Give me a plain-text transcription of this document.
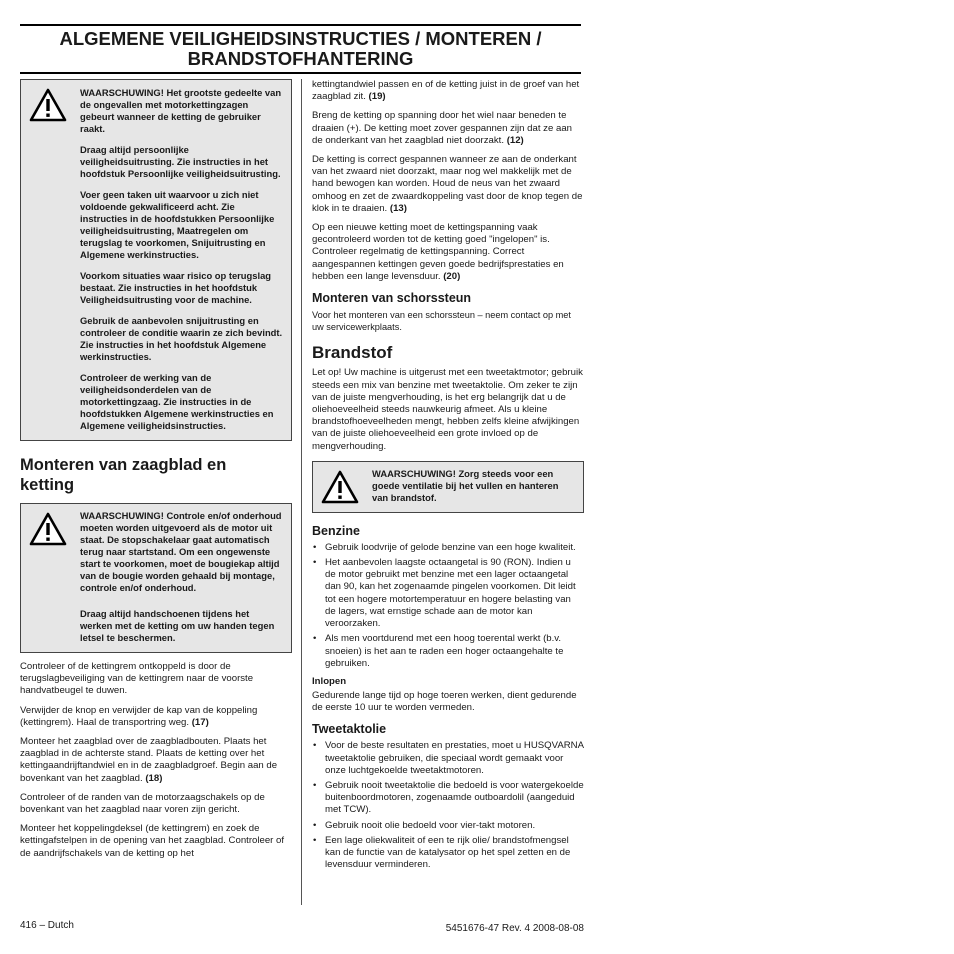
ALGEMENE VEILIGHEIDSINSTRUCTIES / MONTEREN /
BRANDSTOFHANTERING

WAARSCHUWING! Het grootste gedeelte van de ongevallen met motorkettingzagen gebeurt wanneer de ketting de gebruiker raakt.

Draag altijd persoonlijke veiligheidsuitrusting. Zie instructies in het hoofdstuk Persoonlijke veiligheidsuitrusting.

Voer geen taken uit waarvoor u zich niet voldoende gekwalificeerd acht. Zie instructies in de hoofdstukken Persoonlijke veiligheidsuitrusting, Maatregelen om terugslag te voorkomen, Snijuitrusting en Algemene werkinstructies.

Voorkom situaties waar risico op terugslag bestaat. Zie instructies in het hoofdstuk Veiligheidsuitrusting voor de machine.

Gebruik de aanbevolen snijuitrusting en controleer de conditie waarin ze zich bevindt. Zie instructies in het hoofdstuk Algemene werkinstructies.

Controleer de werking van de veiligheidsonderdelen van de motorkettingzaag. Zie instructies in de hoofdstukken Algemene werkinstructies en Algemene veiligheidsinstructies.

Monteren van zaagblad en ketting

WAARSCHUWING! Controle en/of onderhoud moeten worden uitgevoerd als de motor uit staat. De stopschakelaar gaat automatisch terug naar startstand. Om een ongewenste start te voorkomen, moet de bougiekap altijd van de bougie worden gehaald bij montage, controle en/of onderhoud.

Draag altijd handschoenen tijdens het werken met de ketting om uw handen tegen letsel te beschermen.

Controleer of de kettingrem ontkoppeld is door de terugslagbeveiliging van de kettingrem naar de voorste handvatbeugel te duwen.

Verwijder de knop en verwijder de kap van de koppeling (kettingrem). Haal de transportring weg. (17)

Monteer het zaagblad over de zaagbladbouten. Plaats het zaagblad in de achterste stand. Plaats de ketting over het kettingaandrijftandwiel en in de zaagbladgroef. Begin aan de bovenkant van het zaagblad. (18)

Controleer of de randen van de motorzaagschakels op de bovenkant van het zaagblad naar voren zijn gericht.

Monteer het koppelingdeksel (de kettingrem) en zoek de kettingafstelpen in de opening van het zaagblad. Controleer of de aandrijfschakels van de ketting op het

kettingtandwiel passen en of de ketting juist in de groef van het zaagblad zit. (19)

Breng de ketting op spanning door het wiel naar beneden te draaien (+). De ketting moet zover gespannen zijn dat ze aan de onderkant van het zaagblad niet doorzakt. (12)

De ketting is correct gespannen wanneer ze aan de onderkant van het zwaard niet doorzakt, maar nog wel makkelijk met de hand bewogen kan worden. Houd de neus van het zwaard omhoog en zet de zwaardkoppeling vast door de knop tegen de klok in te draaien. (13)

Op een nieuwe ketting moet de kettingspanning vaak gecontroleerd worden tot de ketting goed "ingelopen" is. Controleer regelmatig de kettingspanning. Correct aangespannen kettingen geven goede bedrijfsprestaties en hebben een lange levensduur. (20)

Monteren van schorssteun

Voor het monteren van een schorssteun – neem contact op met uw servicewerkplaats.

Brandstof

Let op! Uw machine is uitgerust met een tweetaktmotor; gebruik steeds een mix van benzine met tweetaktolie. Om zeker te zijn van de juiste mengverhouding, is het erg belangrijk dat u de oliehoeveelheid steeds nauwkeurig afmeet. Als u kleine brandstofhoeveelheden mengt, hebben zelfs kleine afwijkingen van de juiste oliehoeveelheid een grote invloed op de mengverhouding.

WAARSCHUWING! Zorg steeds voor een goede ventilatie bij het vullen en hanteren van brandstof.

Benzine
• Gebruik loodvrije of gelode benzine van een hoge kwaliteit.
• Het aanbevolen laagste octaangetal is 90 (RON). Indien u de motor gebruikt met benzine met een lager octaangetal dan 90, kan het zogenaamde pingelen voorkomen. Dit leidt tot een hogere motortemperatuur en hogere belasting van de lagers, wat ernstige schade aan de motor kan veroorzaken.
• Als men voortdurend met een hoog toerental werkt (b.v. snoeien) is het aan te raden een hoger octaangehalte te gebruiken.
Inlopen

Gedurende lange tijd op hoge toeren werken, dient gedurende de eerste 10 uur te worden vermeden.

Tweetaktolie
• Voor de beste resultaten en prestaties, moet u HUSQVARNA tweetaktolie gebruiken, die speciaal wordt gemaakt voor onze luchtgekoelde tweetaktmotoren.
• Gebruik nooit tweetaktolie die bedoeld is voor watergekoelde buitenboordmotoren, zogenaamde outboardolil (aangeduid met TCW).
• Gebruik nooit olie bedoeld voor vier-takt motoren.
• Een lage oliekwaliteit of een te rijk olie/ brandstofmengsel kan de functie van de katalysator op het spel zetten en de levensduur verminderen.
416 – Dutch	5451676-47 Rev. 4 2008-08-08
